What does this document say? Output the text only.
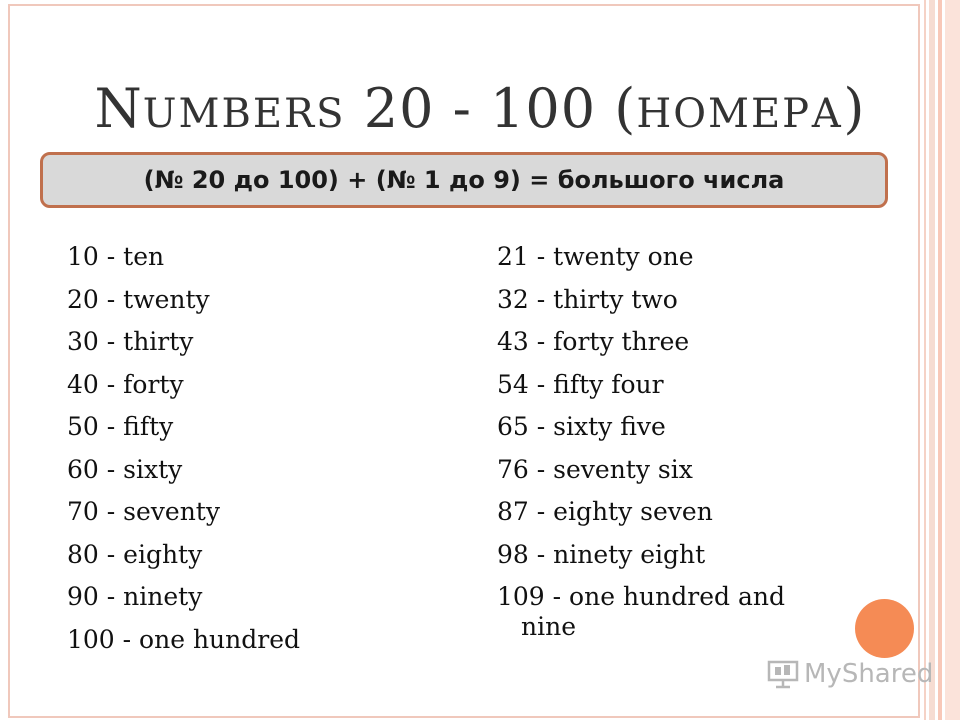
NUMBERS 20 - 100 (НОМЕРА)
(№ 20 до 100) + (№ 1 до 9) = большого числа
10 - ten
20 - twenty
30 - thirty
40 - forty
50 - fifty
60 - sixty
70 - seventy
80 - eighty
90 - ninety
100 - one hundred
21 - twenty one
32 - thirty two
43 - forty three
54 - fifty four
65 - sixty five
76 - seventy six
87 - eighty seven
98 - ninety eight
109 - one hundred and
nine
MyShared
